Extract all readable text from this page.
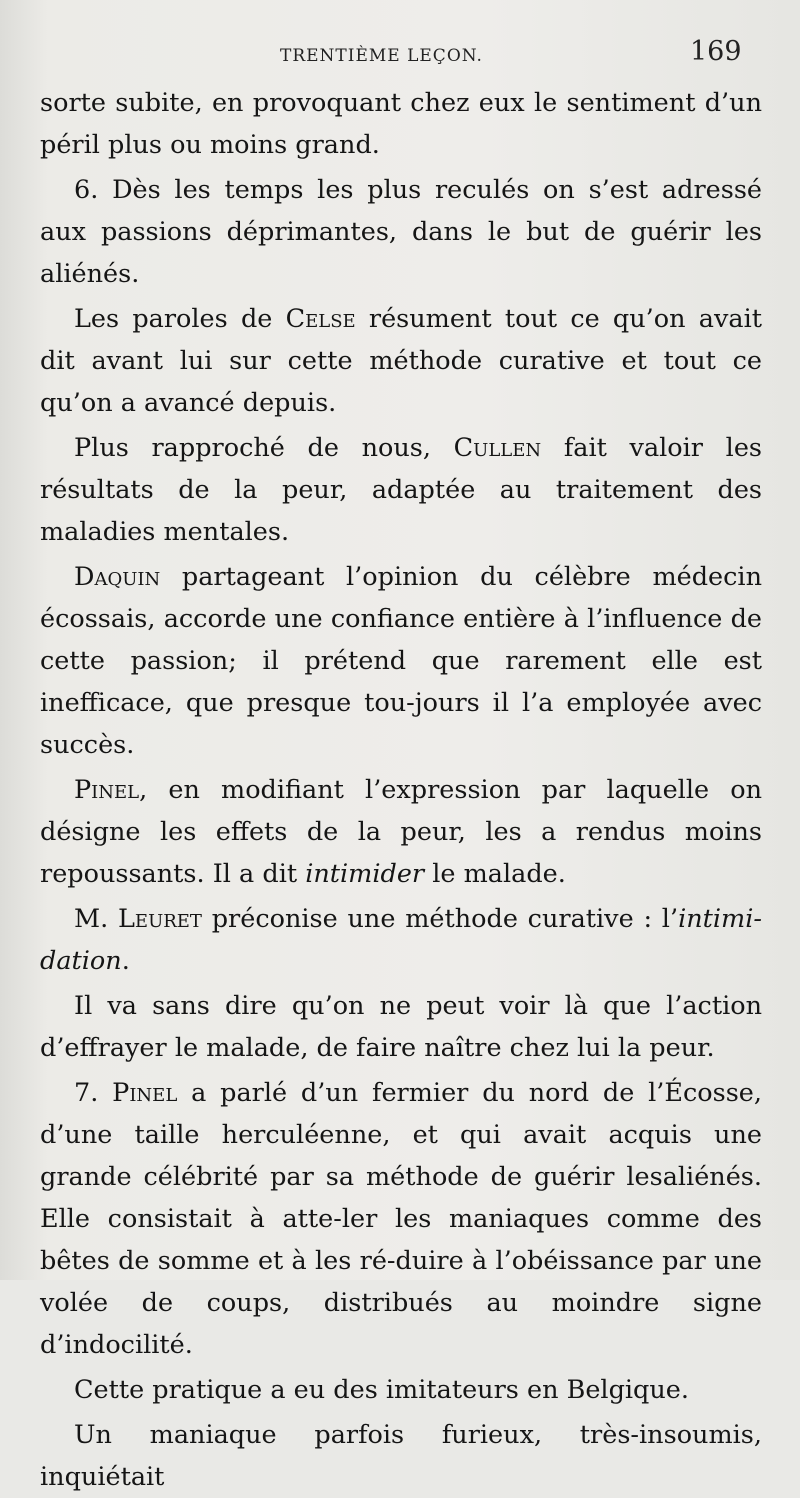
TRENTIÈME LEÇON.	169

sorte subite, en provoquant chez eux le sentiment d’un péril plus ou moins grand.

6. Dès les temps les plus reculés on s’est adressé aux passions déprimantes, dans le but de guérir les aliénés.

Les paroles de Celse résument tout ce qu’on avait dit avant lui sur cette méthode curative et tout ce qu’on a avancé depuis.

Plus rapproché de nous, Cullen fait valoir les résultats de la peur, adaptée au traitement des maladies mentales.

Daquin partageant l’opinion du célèbre médecin écossais, accorde une confiance entière à l’influence de cette passion; il prétend que rarement elle est inefficace, que presque tou-jours il l’a employée avec succès.

Pinel, en modifiant l’expression par laquelle on désigne les effets de la peur, les a rendus moins repoussants. Il a dit intimider le malade.

M. Leuret préconise une méthode curative : l’intimi-dation.

Il va sans dire qu’on ne peut voir là que l’action d’effrayer le malade, de faire naître chez lui la peur.

7. Pinel a parlé d’un fermier du nord de l’Écosse, d’une taille herculéenne, et qui avait acquis une grande célébrité par sa méthode de guérir lesaliénés. Elle consistait à atte-ler les maniaques comme des bêtes de somme et à les ré-duire à l’obéissance par une volée de coups, distribués au moindre signe d’indocilité.

Cette pratique a eu des imitateurs en Belgique.

Un maniaque parfois furieux, très-insoumis, inquiétait
